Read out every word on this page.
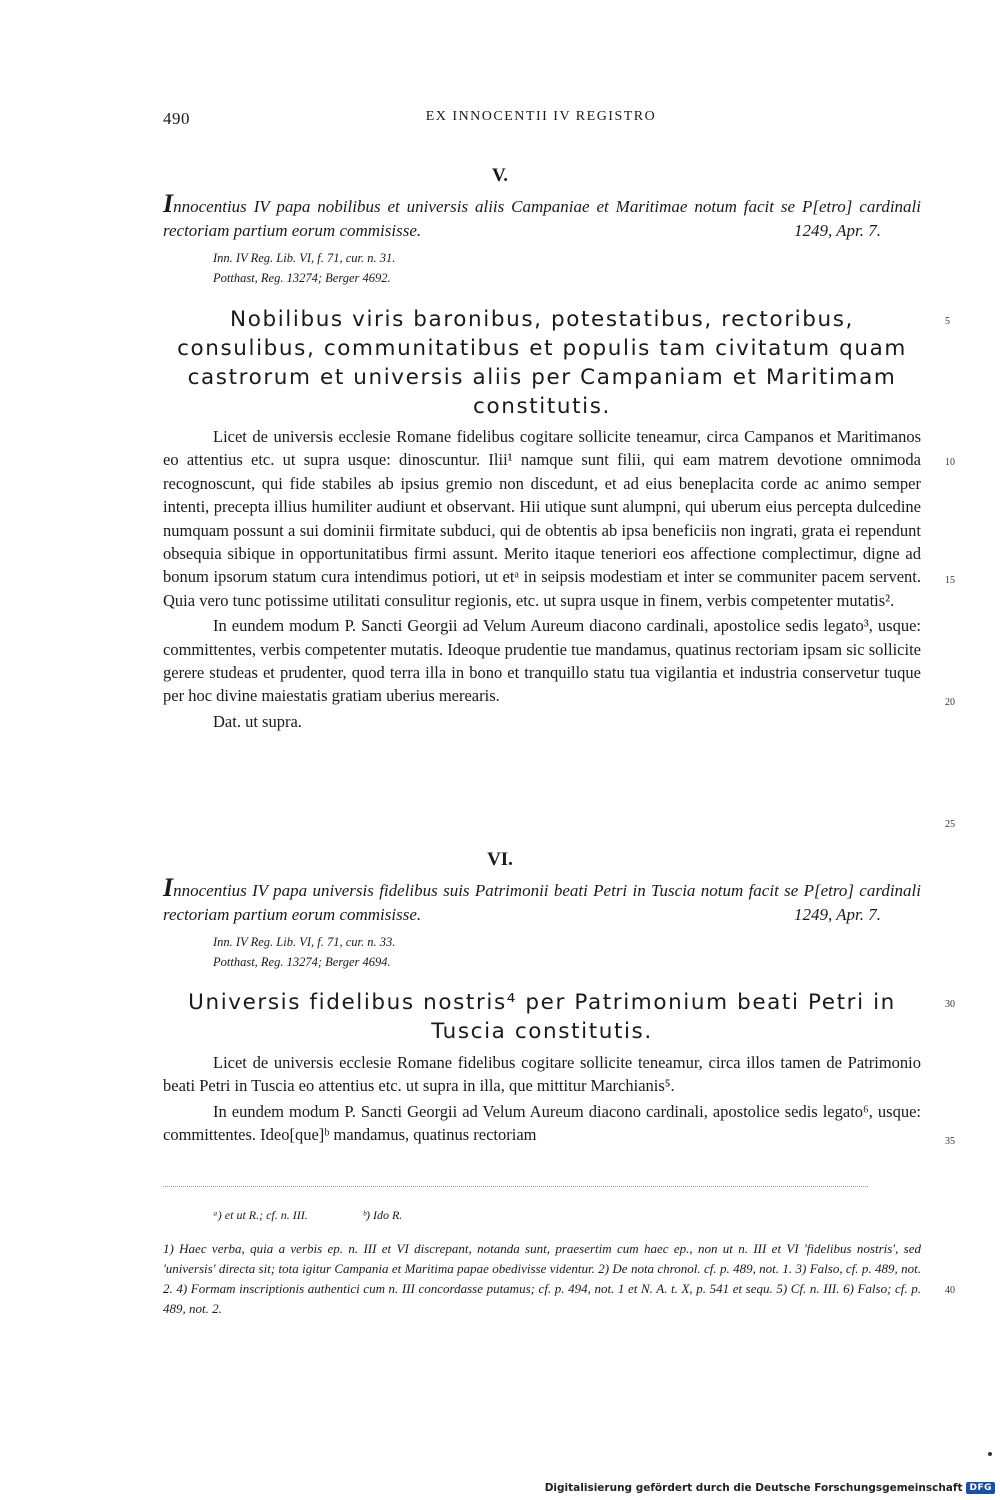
490	EX INNOCENTII IV REGISTRO
V.
Innocentius IV papa nobilibus et universis aliis Campaniae et Maritimae notum facit se P[etro] cardinali rectoriam partium eorum commisisse.	1249, Apr. 7.
Inn. IV Reg. Lib. VI, f. 71, cur. n. 31.
Potthast, Reg. 13274; Berger 4692.
5
Nobilibus viris baronibus, potestatibus, rectoribus, consulibus, communitatibus et populis tam civitatum quam castrorum et universis aliis per Campaniam et Maritimam constitutis.

Licet de universis ecclesie Romane fidelibus cogitare sollicite teneamur, circa Campanos et Maritimanos eo attentius etc. ut supra usque: dinoscuntur. Ilii¹ namque sunt filii, qui eam matrem devotione omnimoda recognoscunt, qui fide stabiles ab ipsius gremio non discedunt, et ad eius beneplacita corde ac animo semper intenti, precepta illius humiliter audiunt et observant. Hii utique sunt alumpni, qui uberum eius percepta dulcedine numquam possunt a sui dominii firmitate subduci, qui de obtentis ab ipsa beneficiis non ingrati, grata ei rependunt obsequia sibique in opportunitatibus firmi assunt. Merito itaque teneriori eos affectione complectimur, digne ad bonum ipsorum statum cura intendimus potiori, ut etᵃ in seipsis modestiam et inter se communiter pacem servent. Quia vero tunc potissime utilitati consulitur regionis, etc. ut supra usque in finem, verbis competenter mutatis².

In eundem modum P. Sancti Georgii ad Velum Aureum diacono cardinali, apostolice sedis legato³, usque: committentes, verbis competenter mutatis. Ideoque prudentie tue mandamus, quatinus rectoriam ipsam sic sollicite gerere studeas et prudenter, quod terra illa in bono et tranquillo statu tua vigilantia et industria conservetur tuque per hoc divine maiestatis gratiam uberius merearis.

Dat. ut supra.

10
15
20
25
VI.
Innocentius IV papa universis fidelibus suis Patrimonii beati Petri in Tuscia notum facit se P[etro] cardinali rectoriam partium eorum commisisse.	1249, Apr. 7.
Inn. IV Reg. Lib. VI, f. 71, cur. n. 33.
Potthast, Reg. 13274; Berger 4694.
Universis fidelibus nostris⁴ per Patrimonium beati Petri in Tuscia constitutis.
30

Licet de universis ecclesie Romane fidelibus cogitare sollicite teneamur, circa illos tamen de Patrimonio beati Petri in Tuscia eo attentius etc. ut supra in illa, que mittitur Marchianis⁵.

In eundem modum P. Sancti Georgii ad Velum Aureum diacono cardinali, apostolice sedis legato⁶, usque: committentes. Ideo[que]ᵇ mandamus, quatinus rectoriam	35
ᵃ) et ut R.; cf. n. III.	ᵇ) Ido R.
1) Haec verba, quia a verbis ep. n. III et VI discrepant, notanda sunt, praesertim cum haec ep., non ut n. III et VI 'fidelibus nostris', sed 'universis' directa sit; tota igitur Campania et Maritima papae obedivisse videntur. 2) De nota chronol. cf. p. 489, not. 1. 3) Falso, cf. p. 489, not. 2. 4) Formam inscriptionis authentici cum n. III concordasse putamus; cf. p. 494, not. 1 et N. A. t. X, p. 541 et sequ. 5) Cf. n. III. 6) Falso; cf. p. 489, not. 2.
40
Digitalisierung gefördert durch die Deutsche Forschungsgemeinschaft DFG
